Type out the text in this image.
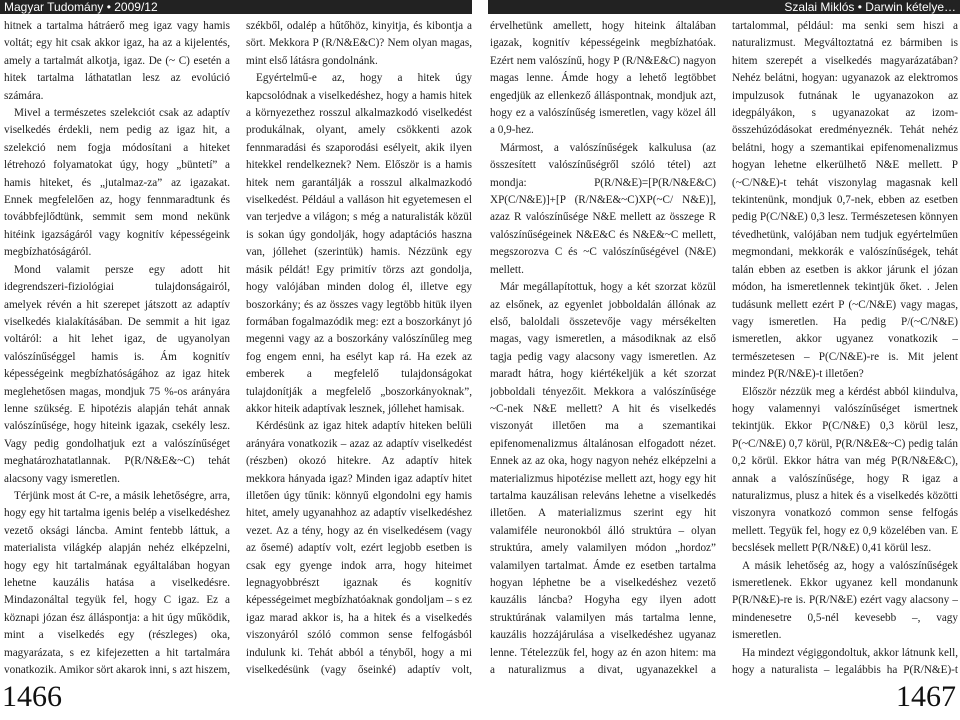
Magyar Tudomány • 2009/12	Szalai Miklós • Darwin kételye…

hitnek a tartalma hátráerő meg igaz vagy hamis voltát; egy hit csak akkor igaz, ha az a kijelentés, amely a tartalmát alkotja, igaz. De (~ C) esetén a hitek tartalma láthatatlan lesz az evolúció számára.

Mivel a természetes szelekciót csak az adaptív viselkedés érdekli, nem pedig az igaz hit, a szelekció nem fogja módosítani a hiteket létrehozó folyamatokat úgy, hogy „büntetí” a hamis hiteket, és „jutalmaz-za” az igazakat. Ennek megfelelően az, hogy fennmaradtunk és továbbfejlődtünk, semmit sem mond nekünk hitéink igazságáról vagy kognitív képességeink megbízhatóságáról.

Mond valamit persze egy adott hit idegrendszeri-fiziológiai tulajdonságairól, amelyek révén a hit szerepet játszott az adaptív viselkedés kialakításában. De semmit a hit igaz voltáról: a hit lehet igaz, de ugyanolyan valószínűséggel hamis is. Ám kognitív képességeink megbízhatóságához az igaz hitek meglehetősen magas, mondjuk 75 %-os arányára lenne szükség. E hipotézis alapján tehát annak valószínűsége, hogy hiteink igazak, csekély lesz. Vagy pedig gondolhatjuk ezt a valószínűséget meghatározhatatlannak. P(R/N&E&~C) tehát alacsony vagy ismeretlen.

Térjünk most át C-re, a másik lehetőségre, arra, hogy egy hit tartalma igenis belép a viselkedéshez vezető oksági láncba. Amint fentebb láttuk, a materialista világkép alapján nehéz elképzelni, hogy egy hit tartalmának egyáltalában hogyan lehetne kauzális hatása a viselkedésre. Mindazonáltal tegyük fel, hogy C igaz. Ez a köznapi józan ész álláspontja: a hit úgy működik, mint a viselkedés egy (részleges) oka, magyarázata, s ez kifejezetten a hit tartalmára vonatkozik. Amikor sört akarok inni, s azt hiszem,

székből, odalép a hűtőhöz, kinyitja, és kibontja a sört. Mekkora P (R/N&E&C)? Nem olyan magas, mint első látásra gondolnánk.

Egyértelmű-e az, hogy a hitek úgy kapcsolódnak a viselkedéshez, hogy a hamis hitek a környezethez rosszul alkalmazkodó viselkedést produkálnak, olyant, amely csökkenti azok fennmaradási és szaporodási esélyeit, akik ilyen hitekkel rendelkeznek? Nem. Először is a hamis hitek nem garantálják a rosszul alkalmazkodó viselkedést. Például a valláson hit egyetemesen el van terjedve a világon; s még a naturalisták közül is sokan úgy gondolják, hogy adaptációs haszna van, jóllehet (szerintük) hamis. Nézzünk egy másik példát! Egy primitív törzs azt gondolja, hogy valójában minden dolog él, illetve egy boszorkány; és az összes vagy legtöbb hitük ilyen formában fogalmazódik meg: ezt a boszorkányt jó megenni vagy az a boszorkány valószínűleg meg fog engem enni, ha esélyt kap rá. Ha ezek az emberek a megfelelő tulajdonságokat tulajdonítják a megfelelő „boszorkányoknak”, akkor hiteik adaptívak lesznek, jóllehet hamisak.

Kérdésünk az igaz hitek adaptív hiteken belüli arányára vonatkozik – azaz az adaptív viselkedést (részben) okozó hitekre. Az adaptív hitek mekkora hányada igaz? Minden igaz adaptív hitet illetően úgy tűnik: könnyű elgondolni egy hamis hitet, amely ugyanahhoz az adaptív viselkedéshez vezet. Az a tény, hogy az én viselkedésem (vagy az ősemé) adaptív volt, ezért legjobb esetben is csak egy gyenge indok arra, hogy hiteimet legnagyobbrészt igaznak és kognitív képességeimet megbízhatóaknak gondoljam – s ez igaz marad akkor is, ha a hitek és a viselkedés viszonyáról szóló common sense felfogásból indulunk ki. Tehát abból a tényből, hogy a mi viselkedésünk (vagy őseinké) adaptív volt,

érvelhetünk amellett, hogy hiteink általában igazak, kognitív képességeink megbízhatóak. Ezért nem valószínű, hogy P (R/N&E&C) nagyon magas lenne. Ámde hogy a lehető legtöbbet engedjük az ellenkező álláspontnak, mondjuk azt, hogy ez a valószínűség ismeretlen, vagy közel áll a 0,9-hez.

Mármost, a valószínűségek kalkulusa (az összesített valószínűségről szóló tétel) azt mondja: P(R/N&E)=[P(R/N&E&C) XP(C/N&E)]+[P (R/N&E&~C)XP(~C/ N&E)], azaz R valószínűsége N&E mellett az összege R valószínűségeinek N&E&C és N&E&~C mellett, megszorozva C és ~C valószínűségével (N&E) mellett.

Már megállapítottuk, hogy a két szorzat közül az elsőnek, az egyenlet jobboldalán állónak az első, baloldali összetevője vagy mérsékelten magas, vagy ismeretlen, a másodiknak az első tagja pedig vagy alacsony vagy ismeretlen. Az maradt hátra, hogy kiértékeljük a két szorzat jobboldali tényezőit. Mekkora a valószínűsége ~C-nek N&E mellett? A hit és viselkedés viszonyát illetően ma a szemantikai epifenomenalizmus általánosan elfogadott nézet. Ennek az az oka, hogy nagyon nehéz elképzelni a materializmus hipotézise mellett azt, hogy egy hit tartalma kauzálisan releváns lehetne a viselkedés illetően. A materializmus szerint egy hit valamiféle neuronokból álló struktúra – olyan struktúra, amely valamilyen módon „hordoz” valamilyen tartalmat. Ámde ez esetben tartalma hogyan léphetne be a viselkedéshez vezető kauzális láncba? Hogyha egy ilyen adott struktúrának valamilyen más tartalma lenne, kauzális hozzájárulása a viselkedéshez ugyanaz lenne. Tételezzük fel, hogy az én azon hitem: ma a naturalizmus a divat, ugyanazekkel a

tartalommal, például: ma senki sem hiszi a naturalizmust. Megváltoztatná ez bármiben is hitem szerepét a viselkedés magyarázatában? Nehéz belátni, hogyan: ugyanazok az elektromos impulzusok futnának le ugyanazokon az idegpályákon, s ugyanazokat az izom-összehúzódásokat eredményeznék. Tehát nehéz belátni, hogy a szemantikai epifenomenalizmus hogyan lehetne elkerülhető N&E mellett. P (~C/N&E)-t tehát viszonylag magasnak kell tekintenünk, mondjuk 0,7-nek, ebben az esetben pedig P(C/N&E) 0,3 lesz. Természetesen könnyen tévedhetünk, valójában nem tudjuk egyértelműen megmondani, mekkorák e valószínűségek, tehát talán ebben az esetben is akkor járunk el józan módon, ha ismeretlennek tekintjük őket. . Jelen tudásunk mellett ezért P (~C/N&E) vagy magas, vagy ismeretlen. Ha pedig P/(~C/N&E) ismeretlen, akkor ugyanez vonatkozik – természetesen – P(C/N&E)-re is. Mit jelent mindez P(R/N&E)-t illetően?

Először nézzük meg a kérdést abból kiindulva, hogy valamennyi valószínűséget ismertnek tekintjük. Ekkor P(C/N&E) 0,3 körül lesz, P(~C/N&E) 0,7 körül, P(R/N&E&~C) pedig talán 0,2 körül. Ekkor hátra van még P(R/N&E&C), annak a valószínűsége, hogy R igaz a naturalizmus, plusz a hitek és a viselkedés közötti viszonyra vonatkozó common sense felfogás mellett. Tegyük fel, hogy ez 0,9 közelében van. E becslések mellett P(R/N&E) 0,41 körül lesz.

A másik lehetőség az, hogy a valószínűségek ismeretlenek. Ekkor ugyanez kell mondanunk P(R/N&E)-re is. P(R/N&E) ezért vagy alacsony – mindenesetre 0,5-nél kevesebb –, vagy ismeretlen.

Ha mindezt végiggondoltuk, akkor látnunk kell, hogy a naturalista – legalábbis ha P(R/N&E)-t

1466	1467
